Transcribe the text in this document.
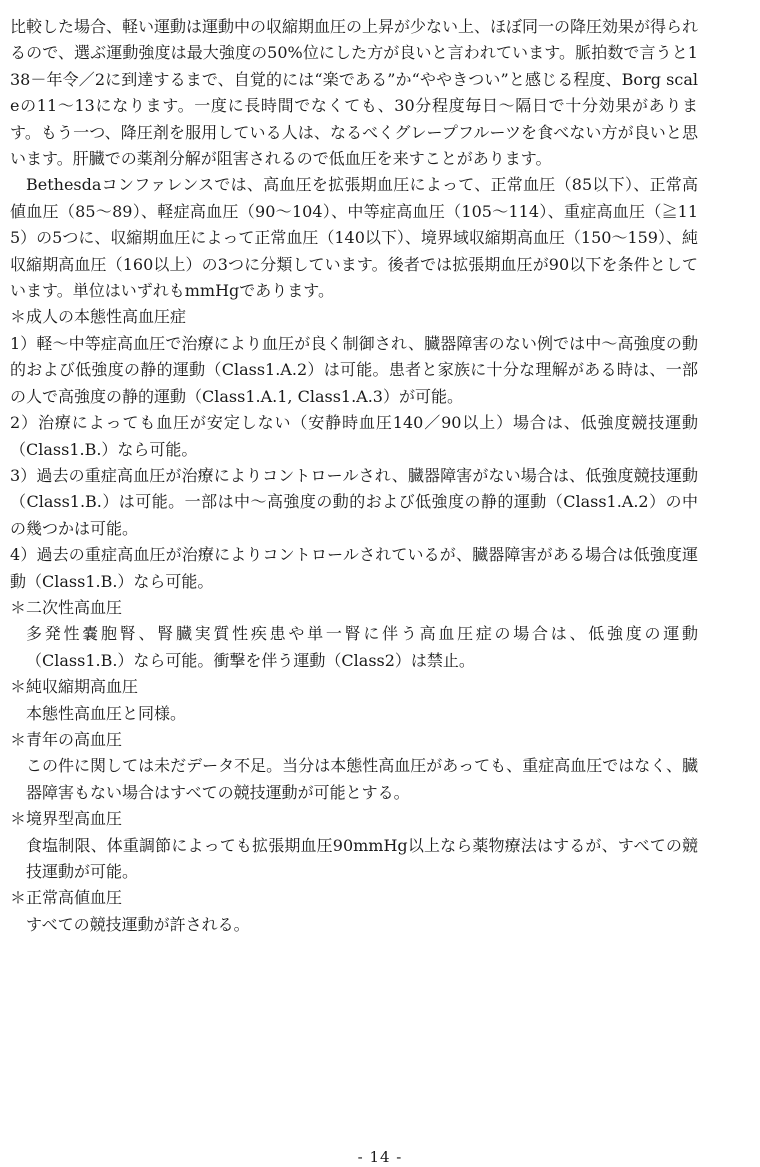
比較した場合、軽い運動は運動中の収縮期血圧の上昇が少ない上、ほぼ同一の降圧効果が得られるので、選ぶ運動強度は最大強度の50%位にした方が良いと言われています。脈拍数で言うと138－年令／2に到達するまで、自覚的には“楽である”か“ややきつい”と感じる程度、Borg scaleの11～13になります。一度に長時間でなくても、30分程度毎日～隔日で十分効果があります。もう一つ、降圧剤を服用している人は、なるべくグレープフルーツを食べない方が良いと思います。肝臓での薬剤分解が阻害されるので低血圧を来すことがあります。

Bethesdaコンファレンスでは、高血圧を拡張期血圧によって、正常血圧（85以下）、正常高値血圧（85～89）、軽症高血圧（90～104）、中等症高血圧（105～114）、重症高血圧（≧115）の5つに、収縮期血圧によって正常血圧（140以下）、境界域収縮期高血圧（150～159）、純収縮期高血圧（160以上）の3つに分類しています。後者では拡張期血圧が90以下を条件としています。単位はいずれもmmHgであります。

＊成人の本態性高血圧症

1）軽～中等症高血圧で治療により血圧が良く制御され、臓器障害のない例では中～高強度の動的および低強度の静的運動（Class1.A.2）は可能。患者と家族に十分な理解がある時は、一部の人で高強度の静的運動（Class1.A.1, Class1.A.3）が可能。

2）治療によっても血圧が安定しない（安静時血圧140／90以上）場合は、低強度競技運動（Class1.B.）なら可能。

3）過去の重症高血圧が治療によりコントロールされ、臓器障害がない場合は、低強度競技運動（Class1.B.）は可能。一部は中～高強度の動的および低強度の静的運動（Class1.A.2）の中の幾つかは可能。

4）過去の重症高血圧が治療によりコントロールされているが、臓器障害がある場合は低強度運動（Class1.B.）なら可能。

＊二次性高血圧

多発性嚢胞腎、腎臓実質性疾患や単一腎に伴う高血圧症の場合は、低強度の運動（Class1.B.）なら可能。衝撃を伴う運動（Class2）は禁止。

＊純収縮期高血圧

本態性高血圧と同様。

＊青年の高血圧

この件に関しては未だデータ不足。当分は本態性高血圧があっても、重症高血圧ではなく、臓器障害もない場合はすべての競技運動が可能とする。

＊境界型高血圧

食塩制限、体重調節によっても拡張期血圧90mmHg以上なら薬物療法はするが、すべての競技運動が可能。

＊正常高値血圧

すべての競技運動が許される。

- 14 -
